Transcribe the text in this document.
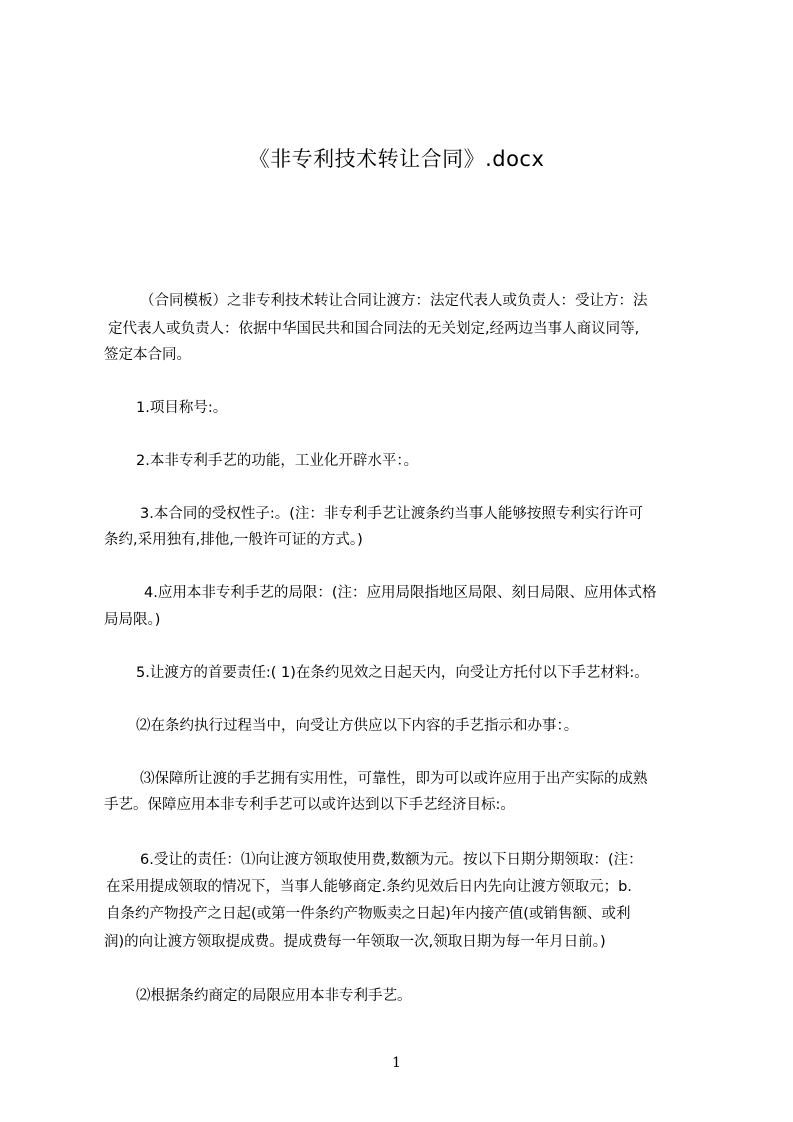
《非专利技术转让合同》.docx
（合同模板）之非专利技术转让合同让渡方：法定代表人或负责人：受让方：法
定代表人或负责人：依据中华国民共和国合同法的无关划定,经两边当事人商议同等,
签定本合同。
1.项目称号:。
2.本非专利手艺的功能，工业化开辟水平：。
3.本合同的受权性子:。(注：非专利手艺让渡条约当事人能够按照专利实行许可
条约,采用独有,排他,一般许可证的方式。)
4.应用本非专利手艺的局限：(注：应用局限指地区局限、刻日局限、应用体式格
局局限。)
5.让渡方的首要责任:( 1)在条约见效之日起天内，向受让方托付以下手艺材料:。
⑵在条约执行过程当中，向受让方供应以下内容的手艺指示和办事：。
⑶保障所让渡的手艺拥有实用性，可靠性，即为可以或许应用于出产实际的成熟
手艺。保障应用本非专利手艺可以或许达到以下手艺经济目标:。
6.受让的责任：⑴向让渡方领取使用费,数额为元。按以下日期分期领取：(注：
在采用提成领取的情况下，当事人能够商定.条约见效后日内先向让渡方领取元；b.
自条约产物投产之日起(或第一件条约产物贩卖之日起)年内接产值(或销售额、或利
润)的向让渡方领取提成费。提成费每一年领取一次,领取日期为每一年月日前。)
⑵根据条约商定的局限应用本非专利手艺。
1
